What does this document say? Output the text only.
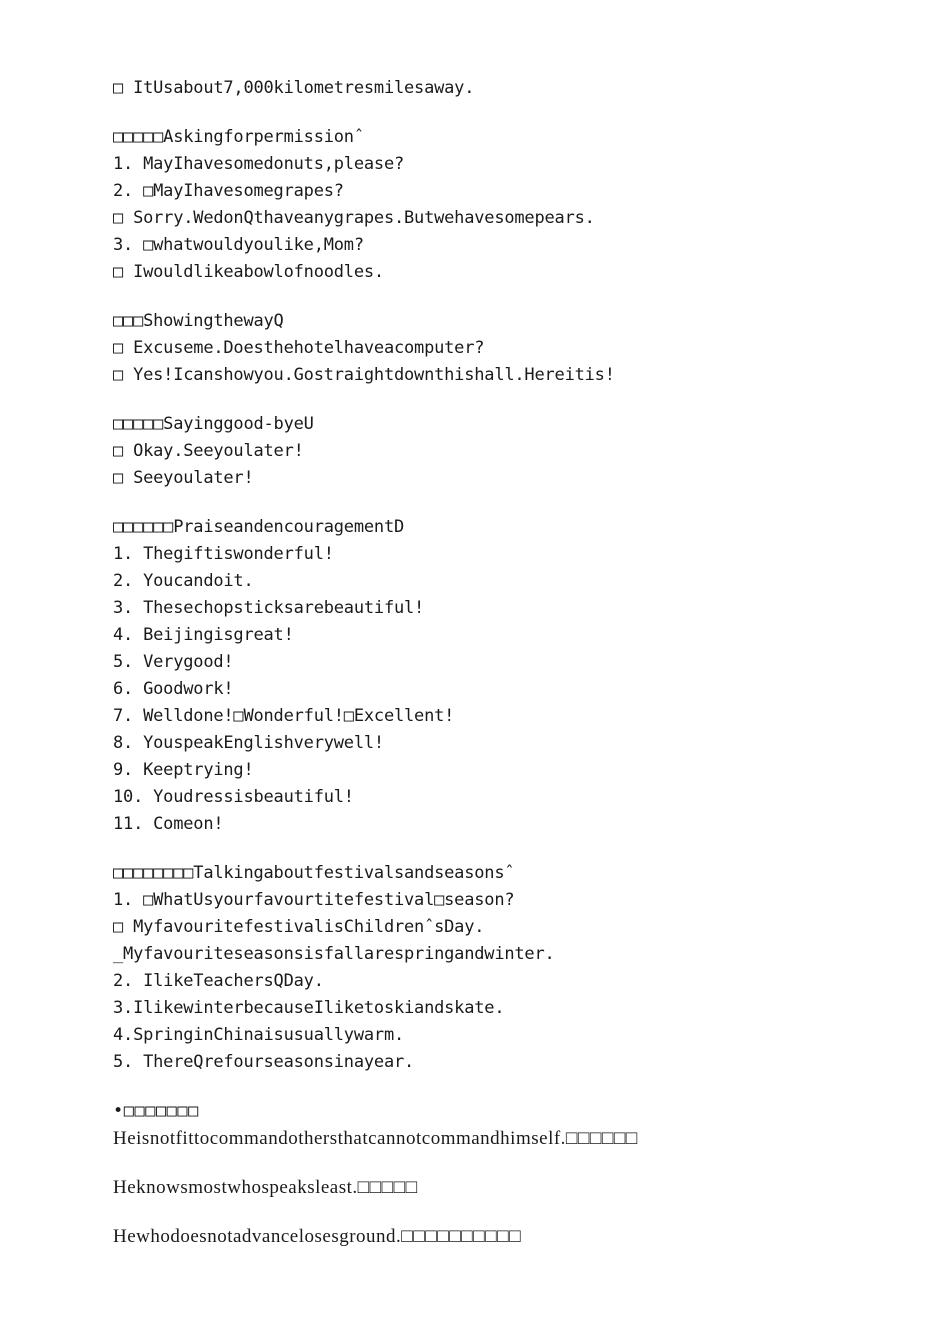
□ ItUsabout7,000kilometresmilesaway.
□□□□□Askingforpermissionˆ
1. MayIhavesomedonuts,please?
2. □MayIhavesomegrapes?
□ Sorry.WedonQthaveanygrapes.Butwehavesomepears.
3. □whatwouldyoulike,Mom?
□ Iwouldlikeabowlofnoodles.
□□□ShowingthewayQ
□ Excuseme.Doesthehotelhaveacomputer?
□ Yes!Icanshowyou.Gostraightdownthishall.Hereitis!
□□□□□Sayinggood-byeU
□ Okay.Seeyoulater!
□ Seeyoulater!
□□□□□□PraiseandencouragementD
1. Thegiftiswonderful!
2. Youcandoit.
3. Thesechopsticksarebeautiful!
4. Beijingisgreat!
5. Verygood!
6. Goodwork!
7. Welldone!□Wonderful!□Excellent!
8. YouspeakEnglishverywell!
9. Keeptrying!
10. Youdressisbeautiful!
11. Comeon!
□□□□□□□□Talkingaboutfestivalsandseasonsˆ
1. □WhatUsyourfavourtitefestival□season?
□ MyfavouritefestivalisChildrenˆsDay.
_Myfavouriteseasonsisfallarespringandwinter.
2. IlikeTeachersQDay.
3.IlikewinterbecauseIliketoskiandskate.
4.SpringinChinaisusuallywarm.
5. ThereQrefourseasonsinayear.
•□□□□□□□
Heisnotfittocommandothersthatcannotcommandhimself.□□□□□□
Heknowsmostwhospeaksleast.□□□□□
Hewhodoesnotadvancelosesground.□□□□□□□□□□
